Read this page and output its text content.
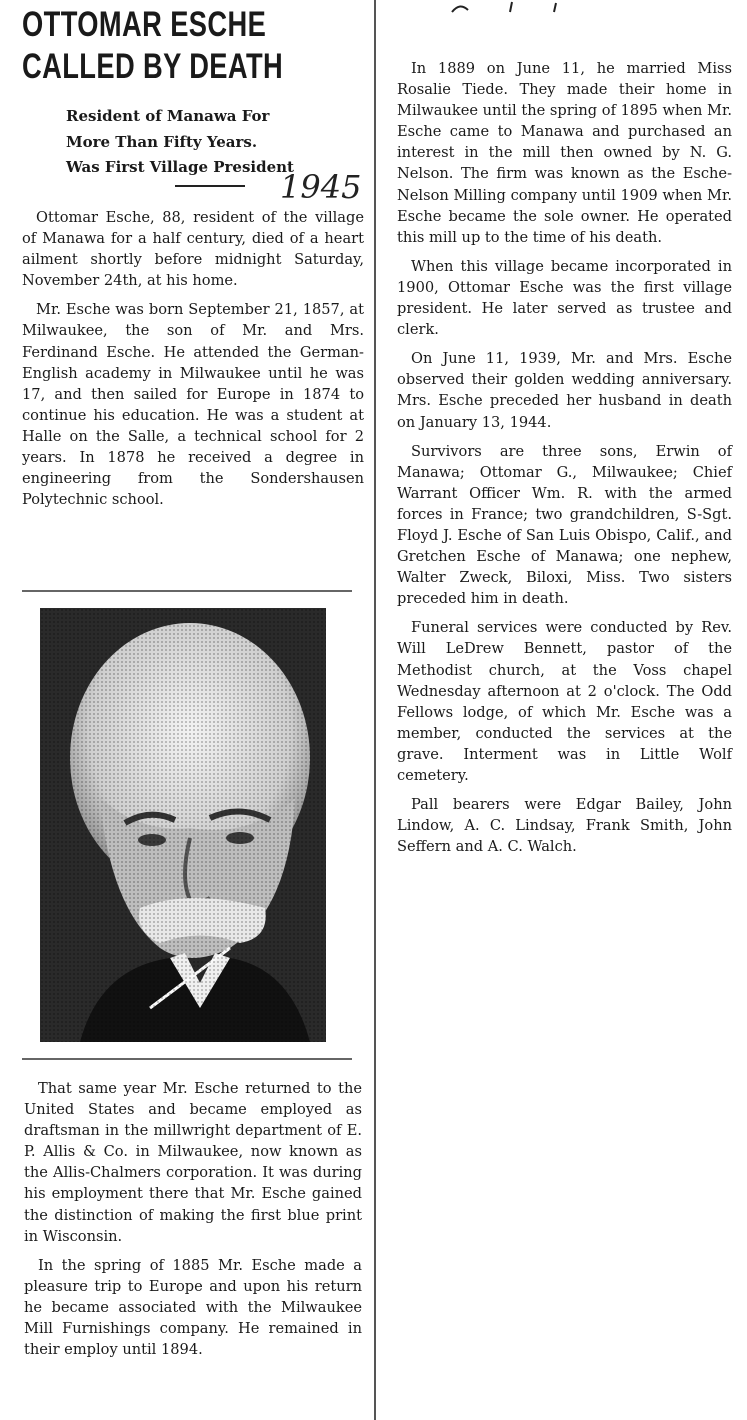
OTTOMAR ESCHE
CALLED BY DEATH
Resident of Manawa For
More Than Fifty Years.
Was First Village President
1945

Ottomar Esche, 88, resident of the village of Manawa for a half century, died of a heart ailment shortly before midnight Saturday, November 24th, at his home.

Mr. Esche was born September 21, 1857, at Milwaukee, the son of Mr. and Mrs. Ferdinand Esche. He attended the German-English academy in Milwaukee until he was 17, and then sailed for Europe in 1874 to continue his education. He was a student at Halle on the Salle, a technical school for 2 years. In 1878 he received a degree in engineering from the Sondershausen Polytechnic school.

That same year Mr. Esche returned to the United States and became employed as draftsman in the millwright department of E. P. Allis & Co. in Milwaukee, now known as the Allis-Chalmers corporation. It was during his employment there that Mr. Esche gained the distinction of making the first blue print in Wisconsin.

In the spring of 1885 Mr. Esche made a pleasure trip to Europe and upon his return he became associated with the Milwaukee Mill Furnishings company. He remained in their employ until 1894.

In 1889 on June 11, he married Miss Rosalie Tiede. They made their home in Milwaukee until the spring of 1895 when Mr. Esche came to Manawa and purchased an interest in the mill then owned by N. G. Nelson. The firm was known as the Esche-Nelson Milling company until 1909 when Mr. Esche became the sole owner. He operated this mill up to the time of his death.

When this village became incorporated in 1900, Ottomar Esche was the first village president. He later served as trustee and clerk.

On June 11, 1939, Mr. and Mrs. Esche observed their golden wedding anniversary. Mrs. Esche preceded her husband in death on January 13, 1944.

Survivors are three sons, Erwin of Manawa; Ottomar G., Milwaukee; Chief Warrant Officer Wm. R. with the armed forces in France; two grandchildren, S-Sgt. Floyd J. Esche of San Luis Obispo, Calif., and Gretchen Esche of Manawa; one nephew, Walter Zweck, Biloxi, Miss. Two sisters preceded him in death.

Funeral services were conducted by Rev. Will LeDrew Bennett, pastor of the Methodist church, at the Voss chapel Wednesday afternoon at 2 o'clock. The Odd Fellows lodge, of which Mr. Esche was a member, conducted the services at the grave. Interment was in Little Wolf cemetery.

Pall bearers were Edgar Bailey, John Lindow, A. C. Lindsay, Frank Smith, John Seffern and A. C. Walch.
